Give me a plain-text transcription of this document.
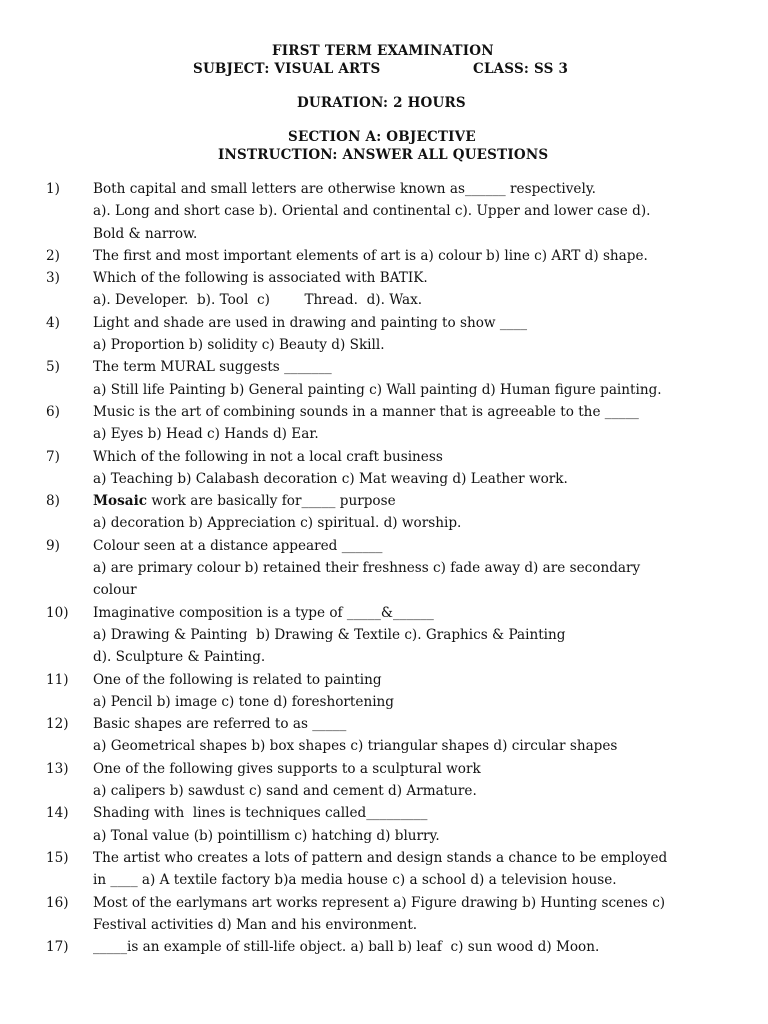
FIRST TERM EXAMINATION
SUBJECT: VISUAL ARTS	CLASS: SS 3
DURATION: 2 HOURS
SECTION A: OBJECTIVE
INSTRUCTION: ANSWER ALL QUESTIONS
1) Both capital and small letters are otherwise known as______ respectively.
a). Long and short case b). Oriental and continental c). Upper and lower case d).
Bold & narrow.
2) The first and most important elements of art is a) colour b) line c) ART d) shape.
3) Which of the following is associated with BATIK.
a). Developer.  b). Tool  c)        Thread.  d). Wax.
4) Light and shade are used in drawing and painting to show ____
a) Proportion b) solidity c) Beauty d) Skill.
5) The term MURAL suggests _______
a) Still life Painting b) General painting c) Wall painting d) Human figure painting.
6) Music is the art of combining sounds in a manner that is agreeable to the _____
a) Eyes b) Head c) Hands d) Ear.
7) Which of the following in not a local craft business
a) Teaching b) Calabash decoration c) Mat weaving d) Leather work.
8) Mosaic work are basically for_____ purpose
a) decoration b) Appreciation c) spiritual. d) worship.
9) Colour seen at a distance appeared ______
a) are primary colour b) retained their freshness c) fade away d) are secondary
colour
10) Imaginative composition is a type of _____&______
a) Drawing & Painting  b) Drawing & Textile c). Graphics & Painting
d). Sculpture & Painting.
11) One of the following is related to painting
a) Pencil b) image c) tone d) foreshortening
12) Basic shapes are referred to as _____
a) Geometrical shapes b) box shapes c) triangular shapes d) circular shapes
13) One of the following gives supports to a sculptural work
a) calipers b) sawdust c) sand and cement d) Armature.
14) Shading with  lines is techniques called_________
a) Tonal value (b) pointillism c) hatching d) blurry.
15) The artist who creates a lots of pattern and design stands a chance to be employed
in ____ a) A textile factory b)a media house c) a school d) a television house.
16) Most of the earlymans art works represent a) Figure drawing b) Hunting scenes c)
Festival activities d) Man and his environment.
17) _____is an example of still-life object. a) ball b) leaf  c) sun wood d) Moon.
